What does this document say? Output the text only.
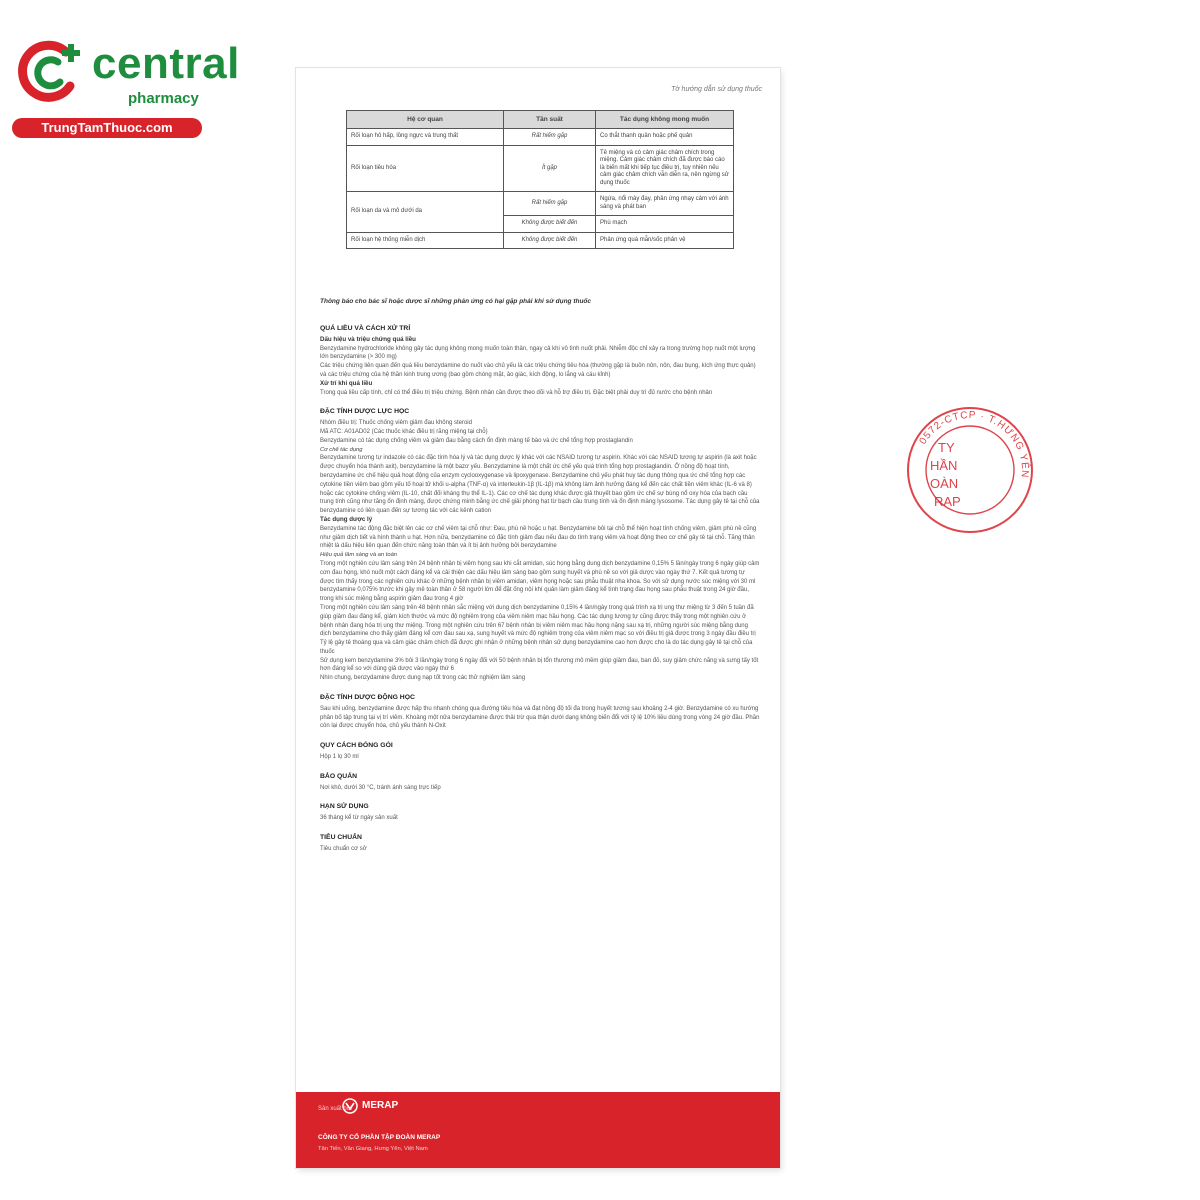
central
pharmacy
TrungTamThuoc.com
Tờ hướng dẫn sử dụng thuốc
Hệ cơ quan	Tần suất	Tác dụng không mong muốn
Rối loạn hô hấp, lồng ngực và trung thất	Rất hiếm gặp	Co thắt thanh quản hoặc phế quản
Rối loạn tiêu hóa	Ít gặp	Tê miệng và có cảm giác châm chích trong miệng. Cảm giác châm chích đã được báo cáo là biến mất khi tiếp tục điều trị, tuy nhiên nếu cảm giác châm chích vẫn diễn ra, nên ngừng sử dụng thuốc
Rối loạn da và mô dưới da	Rất hiếm gặp	Ngứa, nổi mày đay, phản ứng nhạy cảm với ánh sáng và phát ban
	Không được biết đến	Phù mạch
Rối loạn hệ thống miễn dịch	Không được biết đến	Phản ứng quá mẫn/sốc phản vệ
Thông báo cho bác sĩ hoặc dược sĩ những phản ứng có hại gặp phải khi sử dụng thuốc
QUÁ LIỀU VÀ CÁCH XỬ TRÍ
Dấu hiệu và triệu chứng quá liều

Benzydamine hydrochloride không gây tác dụng không mong muốn toàn thân, ngay cả khi vô tình nuốt phải. Nhiễm độc chỉ xảy ra trong trường hợp nuốt một lượng lớn benzydamine (> 300 mg)

Các triệu chứng liên quan đến quá liều benzydamine do nuốt vào chủ yếu là các triệu chứng tiêu hóa (thường gặp là buồn nôn, nôn, đau bụng, kích ứng thực quản) và các triệu chứng của hệ thần kinh trung ương (bao gồm chóng mặt, ảo giác, kích động, lo lắng và cáu kỉnh)

Xử trí khi quá liều

Trong quá liều cấp tính, chỉ có thể điều trị triệu chứng. Bệnh nhân cần được theo dõi và hỗ trợ điều trị. Đặc biệt phải duy trì đủ nước cho bệnh nhân

ĐẶC TÍNH DƯỢC LỰC HỌC

Nhóm điều trị: Thuốc chống viêm giảm đau không steroid

Mã ATC: A01AD02 (Các thuốc khác điều trị răng miệng tại chỗ)

Benzydamine có tác dụng chống viêm và giảm đau bằng cách ổn định màng tế bào và ức chế tổng hợp prostaglandin

Cơ chế tác dụng

Benzydamine tương tự indazole có các đặc tính hóa lý và tác dụng dược lý khác với các NSAID tương tự aspirin. Khác với các NSAID tương tự aspirin (là axit hoặc được chuyển hóa thành axit), benzydamine là một bazơ yếu. Benzydamine là một chất ức chế yếu quá trình tổng hợp prostaglandin. Ở nồng độ hoạt tính, benzydamine ức chế hiệu quả hoạt động của enzym cyclooxygenase và lipoxygenase. Benzydamine chủ yếu phát huy tác dụng thông qua ức chế tổng hợp các cytokine tiền viêm bao gồm yếu tố hoại tử khối u-alpha (TNF-α) và interleukin-1β (IL-1β) mà không làm ảnh hưởng đáng kể đến các chất tiền viêm khác (IL-6 và 8) hoặc các cytokine chống viêm (IL-10, chất đối kháng thụ thể IL-1). Các cơ chế tác dụng khác được giả thuyết bao gồm ức chế sự bùng nổ oxy hóa của bạch cầu trung tính cũng như tăng ổn định màng, được chứng minh bằng ức chế giải phóng hạt từ bạch cầu trung tính và ổn định màng lysosome. Tác dụng gây tê tại chỗ của benzydamine có liên quan đến sự tương tác với các kênh cation

Tác dụng dược lý

Benzydamine tác động đặc biệt lên các cơ chế viêm tại chỗ như: Đau, phù nề hoặc u hạt. Benzydamine bôi tại chỗ thể hiện hoạt tính chống viêm, giảm phù nề cũng như giảm dịch tiết và hình thành u hạt. Hơn nữa, benzydamine có đặc tính giảm đau nếu đau do tình trạng viêm và hoạt động theo cơ chế gây tê tại chỗ. Tăng thân nhiệt là dấu hiệu liên quan đến chức năng toàn thân và ít bị ảnh hưởng bởi benzydamine

Hiệu quả lâm sàng và an toàn

Trong một nghiên cứu lâm sàng trên 24 bệnh nhân bị viêm họng sau khi cắt amidan, súc họng bằng dung dịch benzydamine 0,15% 5 lần/ngày trong 6 ngày giúp cảm cơn đau họng, khó nuốt một cách đáng kể và cải thiện các dấu hiệu lâm sàng bao gồm sung huyết và phù nề so với giả dược vào ngày thứ 7. Kết quả tương tự được tìm thấy trong các nghiên cứu khác ở những bệnh nhân bị viêm amidan, viêm họng hoặc sau phẫu thuật nha khoa. So với sử dụng nước súc miệng với 30 ml benzydamine 0,075% trước khi gây mê toàn thân ở 58 người lớn để đặt ống nội khí quản làm giảm đáng kể tình trạng đau họng sau phẫu thuật trong 24 giờ đầu, trong khi súc miệng bằng aspirin giảm đau trong 4 giờ

Trong một nghiên cứu lâm sàng trên 48 bệnh nhân sắc miệng với dung dịch benzydamine 0,15% 4 lần/ngày trong quá trình xạ trị ung thư miệng từ 3 đến 5 tuần đã giúp giảm đau đáng kể, giảm kích thước và mức độ nghiêm trọng của viêm niêm mạc hầu họng. Các tác dụng tương tự cũng được thấy trong một nghiên cứu ở bệnh nhân đang hóa trị ung thư miệng. Trong một nghiên cứu trên 67 bệnh nhân bị viêm niêm mạc hầu họng nặng sau xạ trị, những người súc miệng bằng dung dịch benzydamine cho thấy giảm đáng kể cơn đau sau xạ, sung huyết và mức độ nghiêm trọng của viêm niêm mạc so với điều trị giả được trong 3 ngày đầu điều trị

Tỷ lệ gây tê thoáng qua và cảm giác châm chích đã được ghi nhận ở những bệnh nhân sử dụng benzydamine cao hơn được cho là do tác dụng gây tê tại chỗ của thuốc

Sử dụng kem benzydamine 3% bôi 3 lần/ngày trong 6 ngày đối với 50 bệnh nhân bị tổn thương mô mềm giúp giảm đau, ban đỏ, suy giảm chức năng và sưng tấy tốt hơn đáng kể so với dùng giả dược vào ngày thứ 6

Nhìn chung, benzydamine được dung nạp tốt trong các thử nghiệm lâm sàng

ĐẶC TÍNH DƯỢC ĐỘNG HỌC

Sau khi uống, benzydamine được hấp thu nhanh chóng qua đường tiêu hóa và đạt nồng độ tối đa trong huyết tương sau khoảng 2-4 giờ. Benzydamine có xu hướng phân bố tập trung tại vị trí viêm. Khoảng một nửa benzydamine được thải trừ qua thận dưới dạng không biến đổi với tỷ lệ 10% liều dùng trong vòng 24 giờ đầu. Phần còn lại được chuyển hóa, chủ yếu thành N-Oxit

QUY CÁCH ĐÓNG GÓI

Hộp 1 lọ 30 ml

BẢO QUẢN

Nơi khô, dưới 30 °C, tránh ánh sáng trực tiếp

HẠN SỬ DỤNG

36 tháng kể từ ngày sản xuất

TIÊU CHUẨN

Tiêu chuẩn cơ sở

Sản xuất bởi MERAP
CÔNG TY CỔ PHẦN TẬP ĐOÀN MERAP
Tân Tiến, Văn Giang, Hưng Yên, Việt Nam
0572-CTCP · T.HƯNG YÊN
TY
HẦN
OÀN
RAP
